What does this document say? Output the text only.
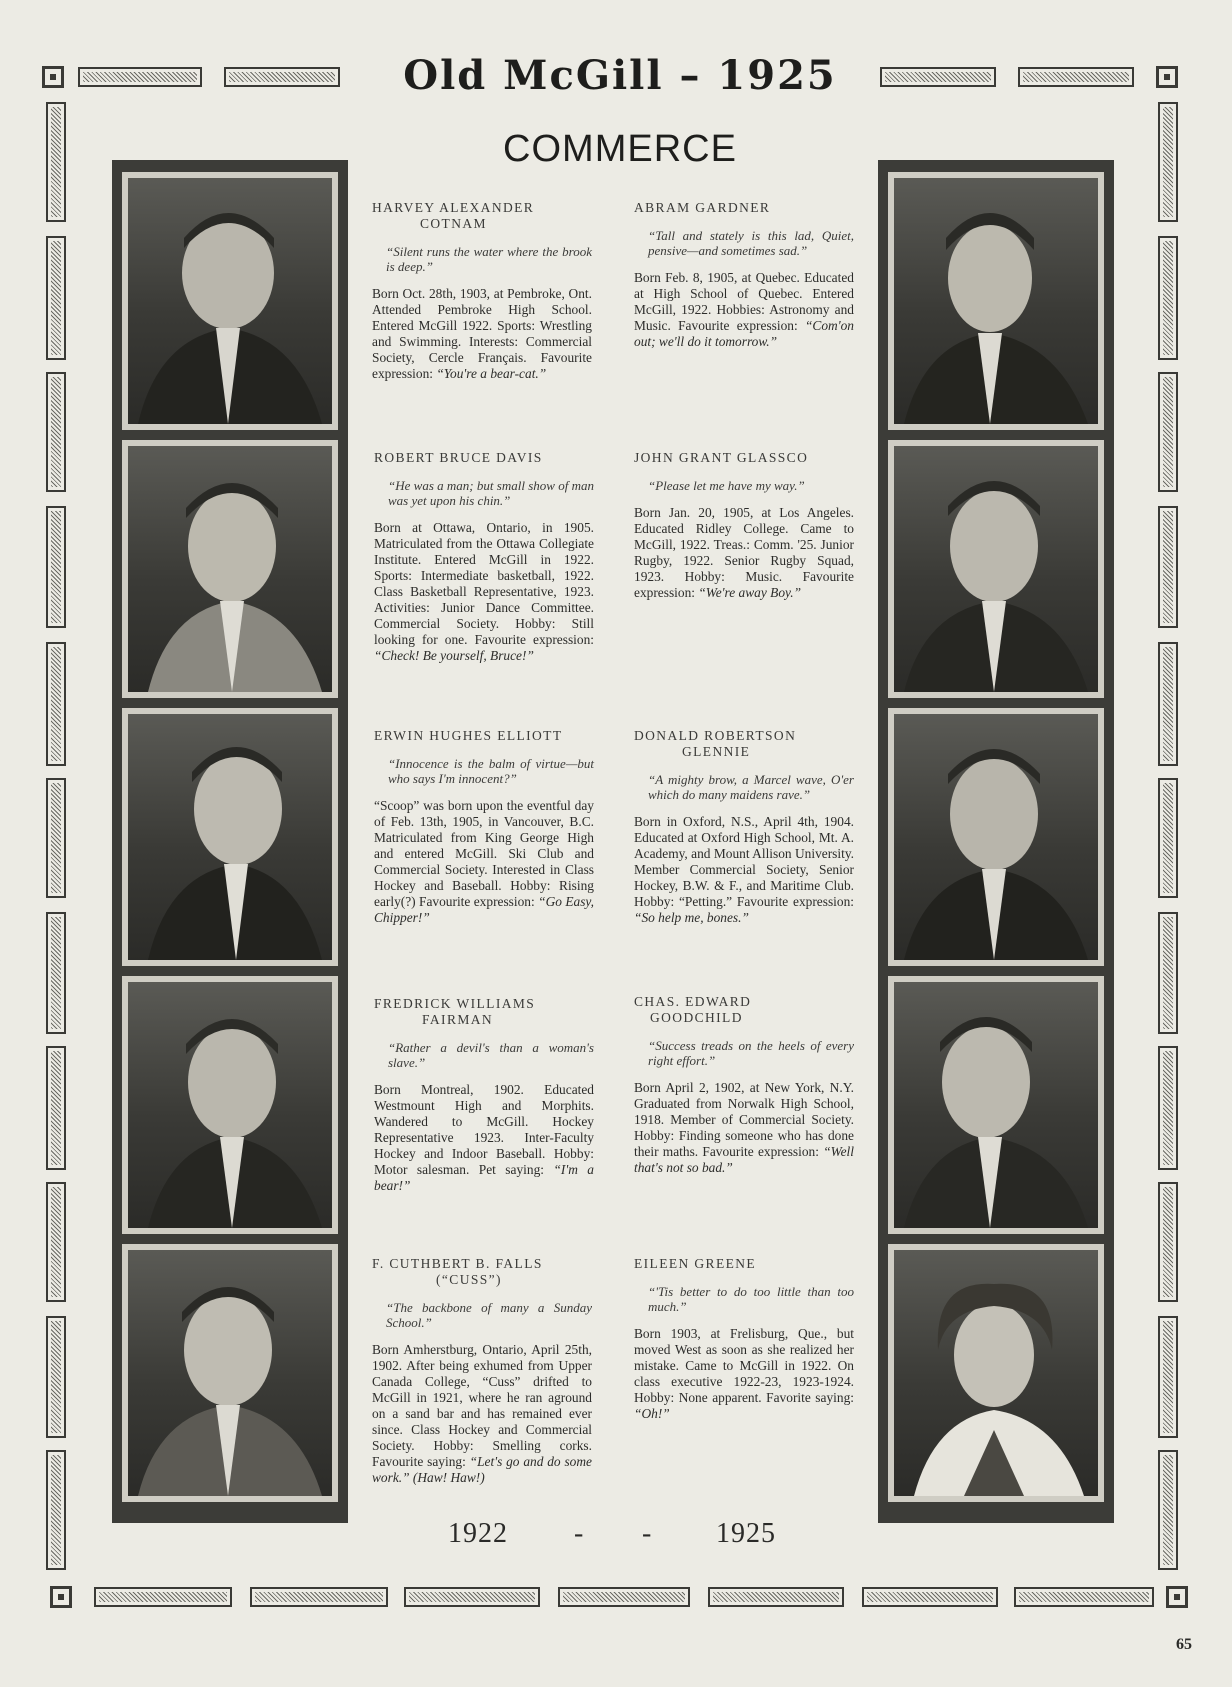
Old McGill – 1925
COMMERCE
HARVEY ALEXANDER
COTNAM
“Silent runs the water where the brook is deep.”
Born Oct. 28th, 1903, at Pembroke, Ont. Attended Pembroke High School. Entered McGill 1922. Sports: Wrestling and Swimming. Interests: Commercial Society, Cercle Français. Favourite expression: “You're a bear-cat.”
ROBERT BRUCE DAVIS
“He was a man; but small show of man was yet upon his chin.”
Born at Ottawa, Ontario, in 1905. Matriculated from the Ottawa Collegiate Institute. Entered McGill in 1922. Sports: Intermediate basketball, 1922. Class Basketball Representative, 1923. Activities: Junior Dance Committee. Commercial Society. Hobby: Still looking for one. Favourite expression: “Check! Be yourself, Bruce!”
ERWIN HUGHES ELLIOTT
“Innocence is the balm of virtue—but who says I'm innocent?”
“Scoop” was born upon the eventful day of Feb. 13th, 1905, in Vancouver, B.C. Matriculated from King George High and entered McGill. Ski Club and Commercial Society. Interested in Class Hockey and Baseball. Hobby: Rising early(?) Favourite expression: “Go Easy, Chipper!”
FREDRICK WILLIAMS
FAIRMAN
“Rather a devil's than a woman's slave.”
Born Montreal, 1902. Educated Westmount High and Morphits. Wandered to McGill. Hockey Representative 1923. Inter-Faculty Hockey and Indoor Baseball. Hobby: Motor salesman. Pet saying: “I'm a bear!”
F. CUTHBERT B. FALLS
(“CUSS”)
“The backbone of many a Sunday School.”
Born Amherstburg, Ontario, April 25th, 1902. After being exhumed from Upper Canada College, “Cuss” drifted to McGill in 1921, where he ran aground on a sand bar and has remained ever since. Class Hockey and Commercial Society. Hobby: Smelling corks. Favourite saying: “Let's go and do some work.” (Haw! Haw!)
ABRAM GARDNER
“Tall and stately is this lad, Quiet, pensive—and sometimes sad.”
Born Feb. 8, 1905, at Quebec. Educated at High School of Quebec. Entered McGill, 1922. Hobbies: Astronomy and Music. Favourite expression: “Com'on out; we'll do it tomorrow.”
JOHN GRANT GLASSCO
“Please let me have my way.”
Born Jan. 20, 1905, at Los Angeles. Educated Ridley College. Came to McGill, 1922. Treas.: Comm. '25. Junior Rugby, 1922. Senior Rugby Squad, 1923. Hobby: Music. Favourite expression: “We're away Boy.”
DONALD ROBERTSON
GLENNIE
“A mighty brow, a Marcel wave, O'er which do many maidens rave.”
Born in Oxford, N.S., April 4th, 1904. Educated at Oxford High School, Mt. A. Academy, and Mount Allison University. Member Commercial Society, Senior Hockey, B.W. & F., and Maritime Club. Hobby: “Petting.” Favourite expression: “So help me, bones.”
CHAS. EDWARD
GOODCHILD
“Success treads on the heels of every right effort.”
Born April 2, 1902, at New York, N.Y. Graduated from Norwalk High School, 1918. Member of Commercial Society. Hobby: Finding someone who has done their maths. Favourite expression: “Well that's not so bad.”
EILEEN GREENE
“'Tis better to do too little than too much.”
Born 1903, at Frelisburg, Que., but moved West as soon as she realized her mistake. Came to McGill in 1922. On class executive 1922-23, 1923-1924. Hobby: None apparent. Favorite saying: “Oh!”
1922 - - 1925
65
